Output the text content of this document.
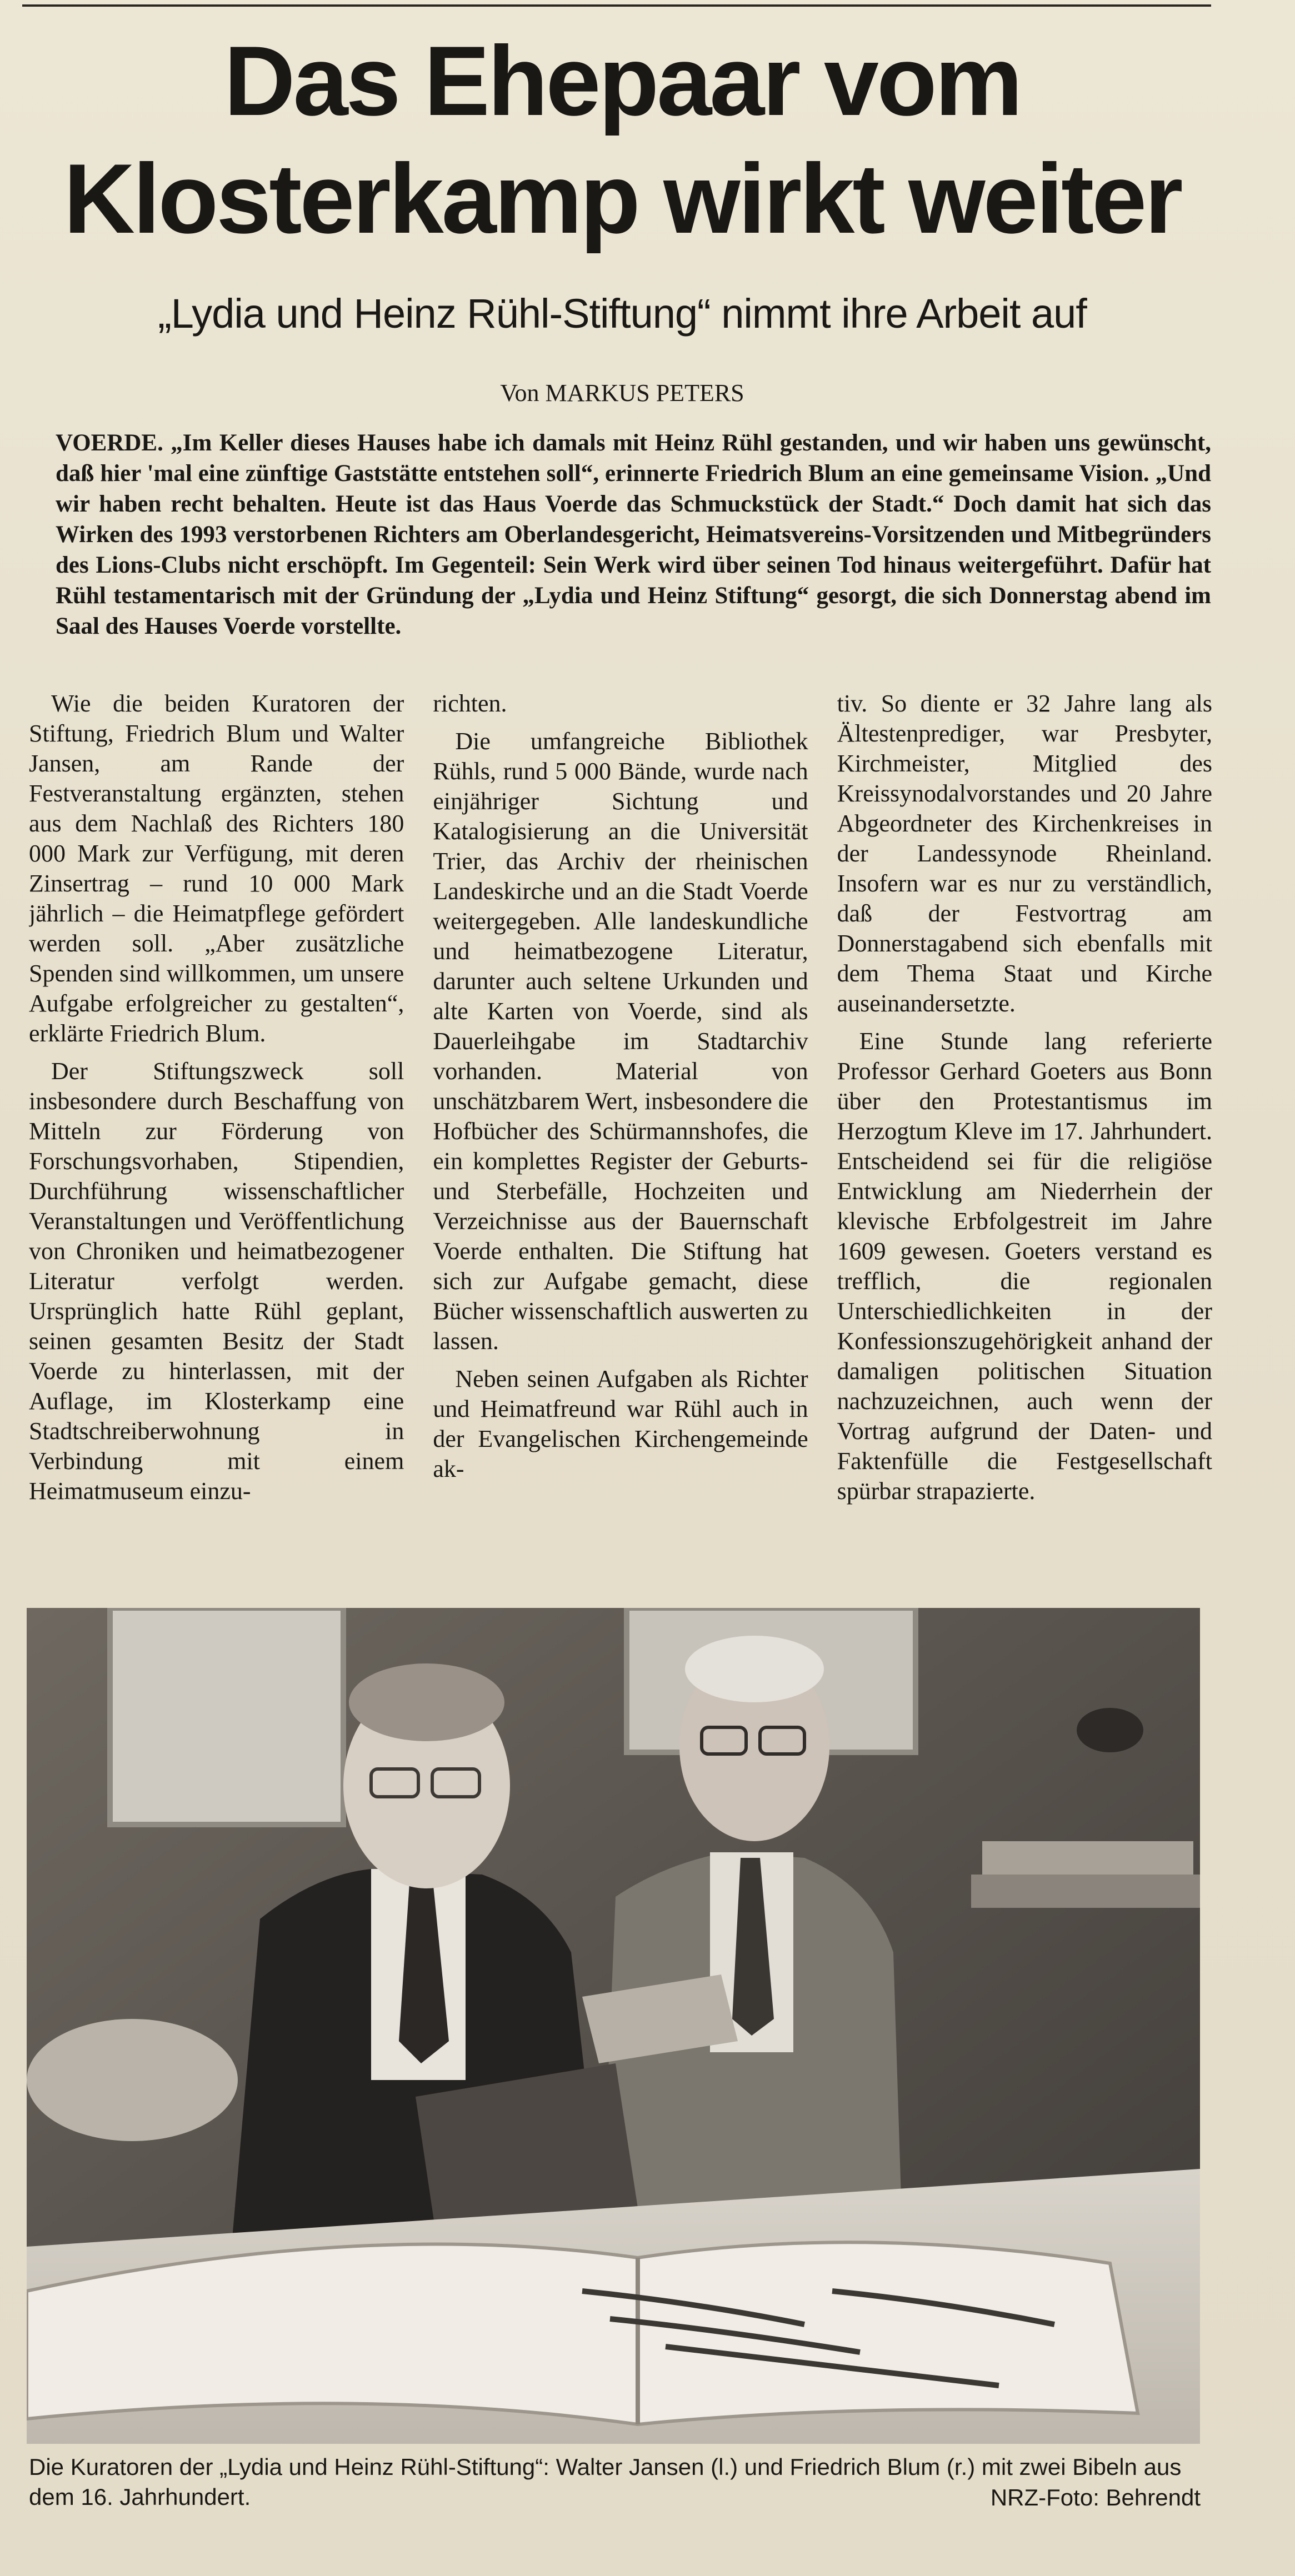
Das Ehepaar vom
Klosterkamp wirkt weiter
„Lydia und Heinz Rühl-Stiftung“ nimmt ihre Arbeit auf
Von MARKUS PETERS

VOERDE. „Im Keller dieses Hauses habe ich damals mit Heinz Rühl gestanden, und wir haben uns gewünscht, daß hier 'mal eine zünftige Gaststätte entstehen soll“, erinnerte Friedrich Blum an eine gemeinsame Vision. „Und wir haben recht behalten. Heute ist das Haus Voerde das Schmuckstück der Stadt.“ Doch damit hat sich das Wirken des 1993 verstorbenen Richters am Oberlandesgericht, Heimatsvereins-Vorsitzenden und Mitbegründers des Lions-Clubs nicht erschöpft. Im Gegenteil: Sein Werk wird über seinen Tod hinaus weitergeführt. Dafür hat Rühl testamentarisch mit der Gründung der „Lydia und Heinz Stiftung“ gesorgt, die sich Donnerstag abend im Saal des Hauses Voerde vorstellte.

Wie die beiden Kuratoren der Stiftung, Friedrich Blum und Walter Jansen, am Rande der Festveranstaltung ergänzten, stehen aus dem Nachlaß des Richters 180 000 Mark zur Verfügung, mit deren Zinsertrag – rund 10 000 Mark jährlich – die Heimatpflege gefördert werden soll. „Aber zusätzliche Spenden sind willkommen, um unsere Aufgabe erfolgreicher zu gestalten“, erklärte Friedrich Blum.

Der Stiftungszweck soll insbesondere durch Beschaffung von Mitteln zur Förderung von Forschungsvorhaben, Stipendien, Durchführung wissenschaftlicher Veranstaltungen und Veröffentlichung von Chroniken und heimatbezogener Literatur verfolgt werden. Ursprünglich hatte Rühl geplant, seinen gesamten Besitz der Stadt Voerde zu hinterlassen, mit der Auflage, im Klosterkamp eine Stadtschreiberwohnung in Verbindung mit einem Heimatmuseum einzu-

richten.

Die umfangreiche Bibliothek Rühls, rund 5 000 Bände, wurde nach einjähriger Sichtung und Katalogisierung an die Universität Trier, das Archiv der rheinischen Landeskirche und an die Stadt Voerde weitergegeben. Alle landeskundliche und heimatbezogene Literatur, darunter auch seltene Urkunden und alte Karten von Voerde, sind als Dauerleihgabe im Stadtarchiv vorhanden. Material von unschätzbarem Wert, insbesondere die Hofbücher des Schürmannshofes, die ein komplettes Register der Geburts- und Sterbefälle, Hochzeiten und Verzeichnisse aus der Bauernschaft Voerde enthalten. Die Stiftung hat sich zur Aufgabe gemacht, diese Bücher wissenschaftlich auswerten zu lassen.

Neben seinen Aufgaben als Richter und Heimatfreund war Rühl auch in der Evangelischen Kirchengemeinde ak-

tiv. So diente er 32 Jahre lang als Ältestenprediger, war Presbyter, Kirchmeister, Mitglied des Kreissynodalvorstandes und 20 Jahre Abgeordneter des Kirchenkreises in der Landessynode Rheinland. Insofern war es nur zu verständlich, daß der Festvortrag am Donnerstagabend sich ebenfalls mit dem Thema Staat und Kirche auseinandersetzte.

Eine Stunde lang referierte Professor Gerhard Goeters aus Bonn über den Protestantismus im Herzogtum Kleve im 17. Jahrhundert. Entscheidend sei für die religiöse Entwicklung am Niederrhein der klevische Erbfolgestreit im Jahre 1609 gewesen. Goeters verstand es trefflich, die regionalen Unterschiedlichkeiten in der Konfessionszugehörigkeit anhand der damaligen politischen Situation nachzuzeichnen, auch wenn der Vortrag aufgrund der Daten- und Faktenfülle die Festgesellschaft spürbar strapazierte.

Die Kuratoren der „Lydia und Heinz Rühl-Stiftung“: Walter Jansen (l.) und Friedrich Blum (r.) mit zwei Bibeln aus dem 16. Jahrhundert.	NRZ-Foto: Behrendt
